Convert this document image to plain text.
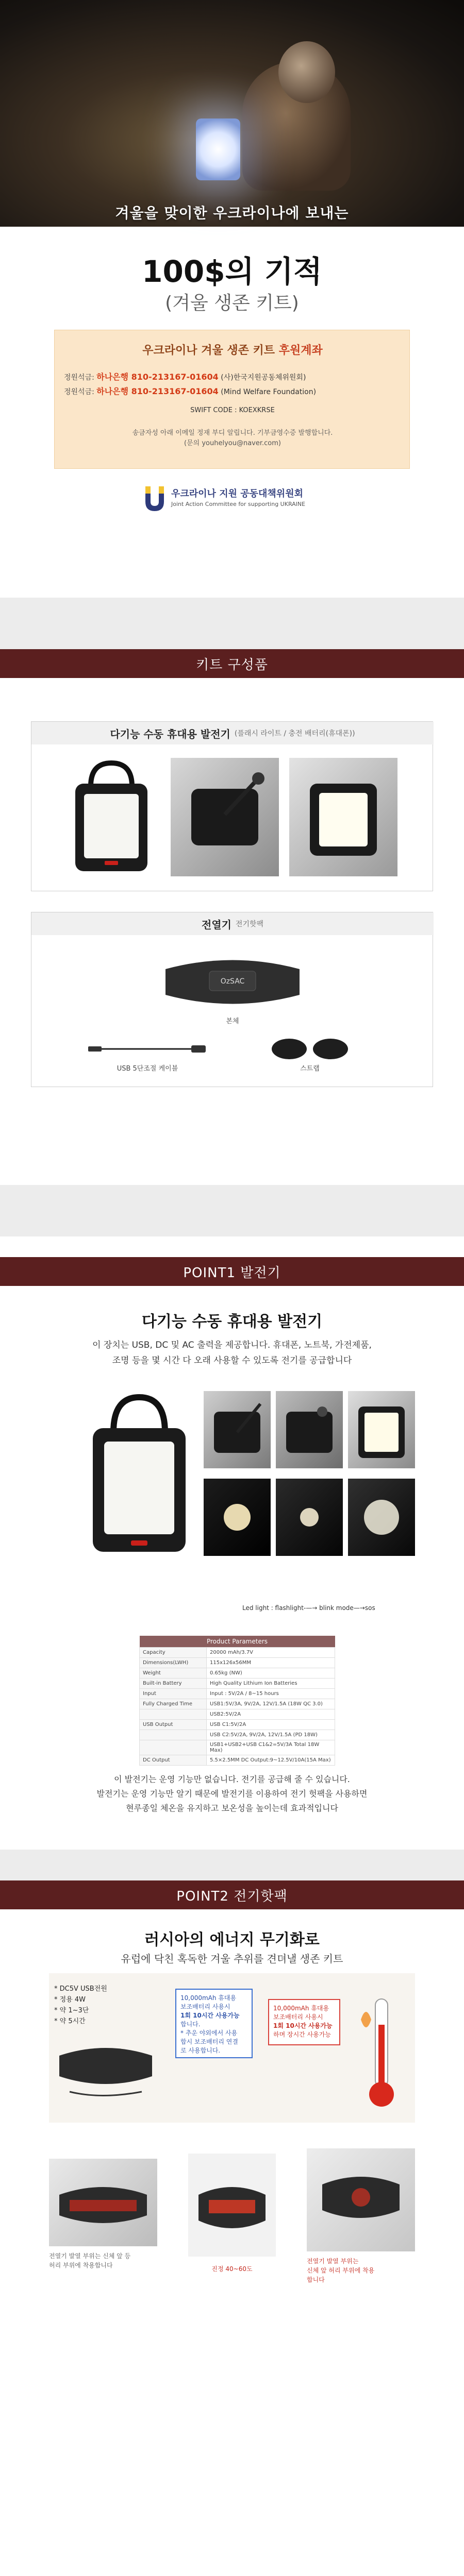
겨울을 맞이한 우크라이나에 보내는
100$의 기적
(겨울 생존 키트)
우크라이나 겨울 생존 키트 후원계좌
정원석금: 하나은행 810-213167-01604 (사)한국지원공동체위원회)
정원석금: 하나은행 810-213167-01604 (Mind Welfare Foundation)
SWIFT CODE : KOEXKRSE
송금자성 아래 이메일 정재 부디 알립니다. 기부금영수증 발행합니다.
(문의 youhelyou@naver.com)
우크라이나 지원 공동대책위원회
Joint Action Committee for supporting UKRAINE
키트 구성품
다기능 수동 휴대용 발전기 (플래시 라이트 / 충전 배터리(휴대폰))
전열기 전기핫팩
OzSAC
본체
USB 5단조절 케이블	스트랩
POINT1 발전기
다기능 수동 휴대용 발전기
이 장치는 USB, DC 및 AC 출력을 제공합니다. 휴대폰, 노트북, 가전제품,
조명 등을 몇 시간 다 오래 사용할 수 있도록 전기를 공급합니다
Led light : flashlight-—→ blink mode—→sos
Product Parameters	
Capacity	20000 mAh/3.7V
Dimensions(LWH)	115x126x56MM
Weight	0.65kg (NW)
Built-in Battery	High Quality Lithium Ion Batteries
Input	Input : 5V/2A / 8~15 hours
Fully Charged Time	USB1:5V/3A, 9V/2A, 12V/1.5A (18W QC 3.0)
	USB2:5V/2A
USB Output	USB C1:5V/2A
	USB C2:5V/2A, 9V/2A, 12V/1.5A (PD 18W)
	USB1+USB2+USB C1&2=5V/3A Total 18W Max)
DC Output	5.5×2.5MM DC Output:9~12.5V/10A(15A Max)
이 발전기는 운영 기능만 없습니다. 전기를 공급해 줄 수 있습니다.
발전기는 운영 기능만 알기 때문에 발전기를 이용하여 전기 헛팩을 사용하면
현루종일 체온을 유지하고 보온성을 높이는데 효과적입니다
POINT2 전기핫팩
러시아의 에너지 무기화로
유럽에 닥친 혹독한 겨울 추위를 견뎌낼 생존 키트
* DC5V USB전원
* 정용 4W
* 약 1~3단
* 약 5시간
10,000mAh 휴대용
보조배터리 사용시
1회 10시간 사용가능
합니다.
* 추운 야외에서 사용
합시 보조배터리 연결
로 사용합니다.
10,000mAh 휴대용
보조배터리 사용시
1회 10시간 사용가능
하며 장시간 사용가능
전열기 발열 부위는 신체 앞 등
허리 부위에 착용합니다	진정 40~60도
전열기 발열 부위는
신체 앞 허리 부위에 착용
합니다
